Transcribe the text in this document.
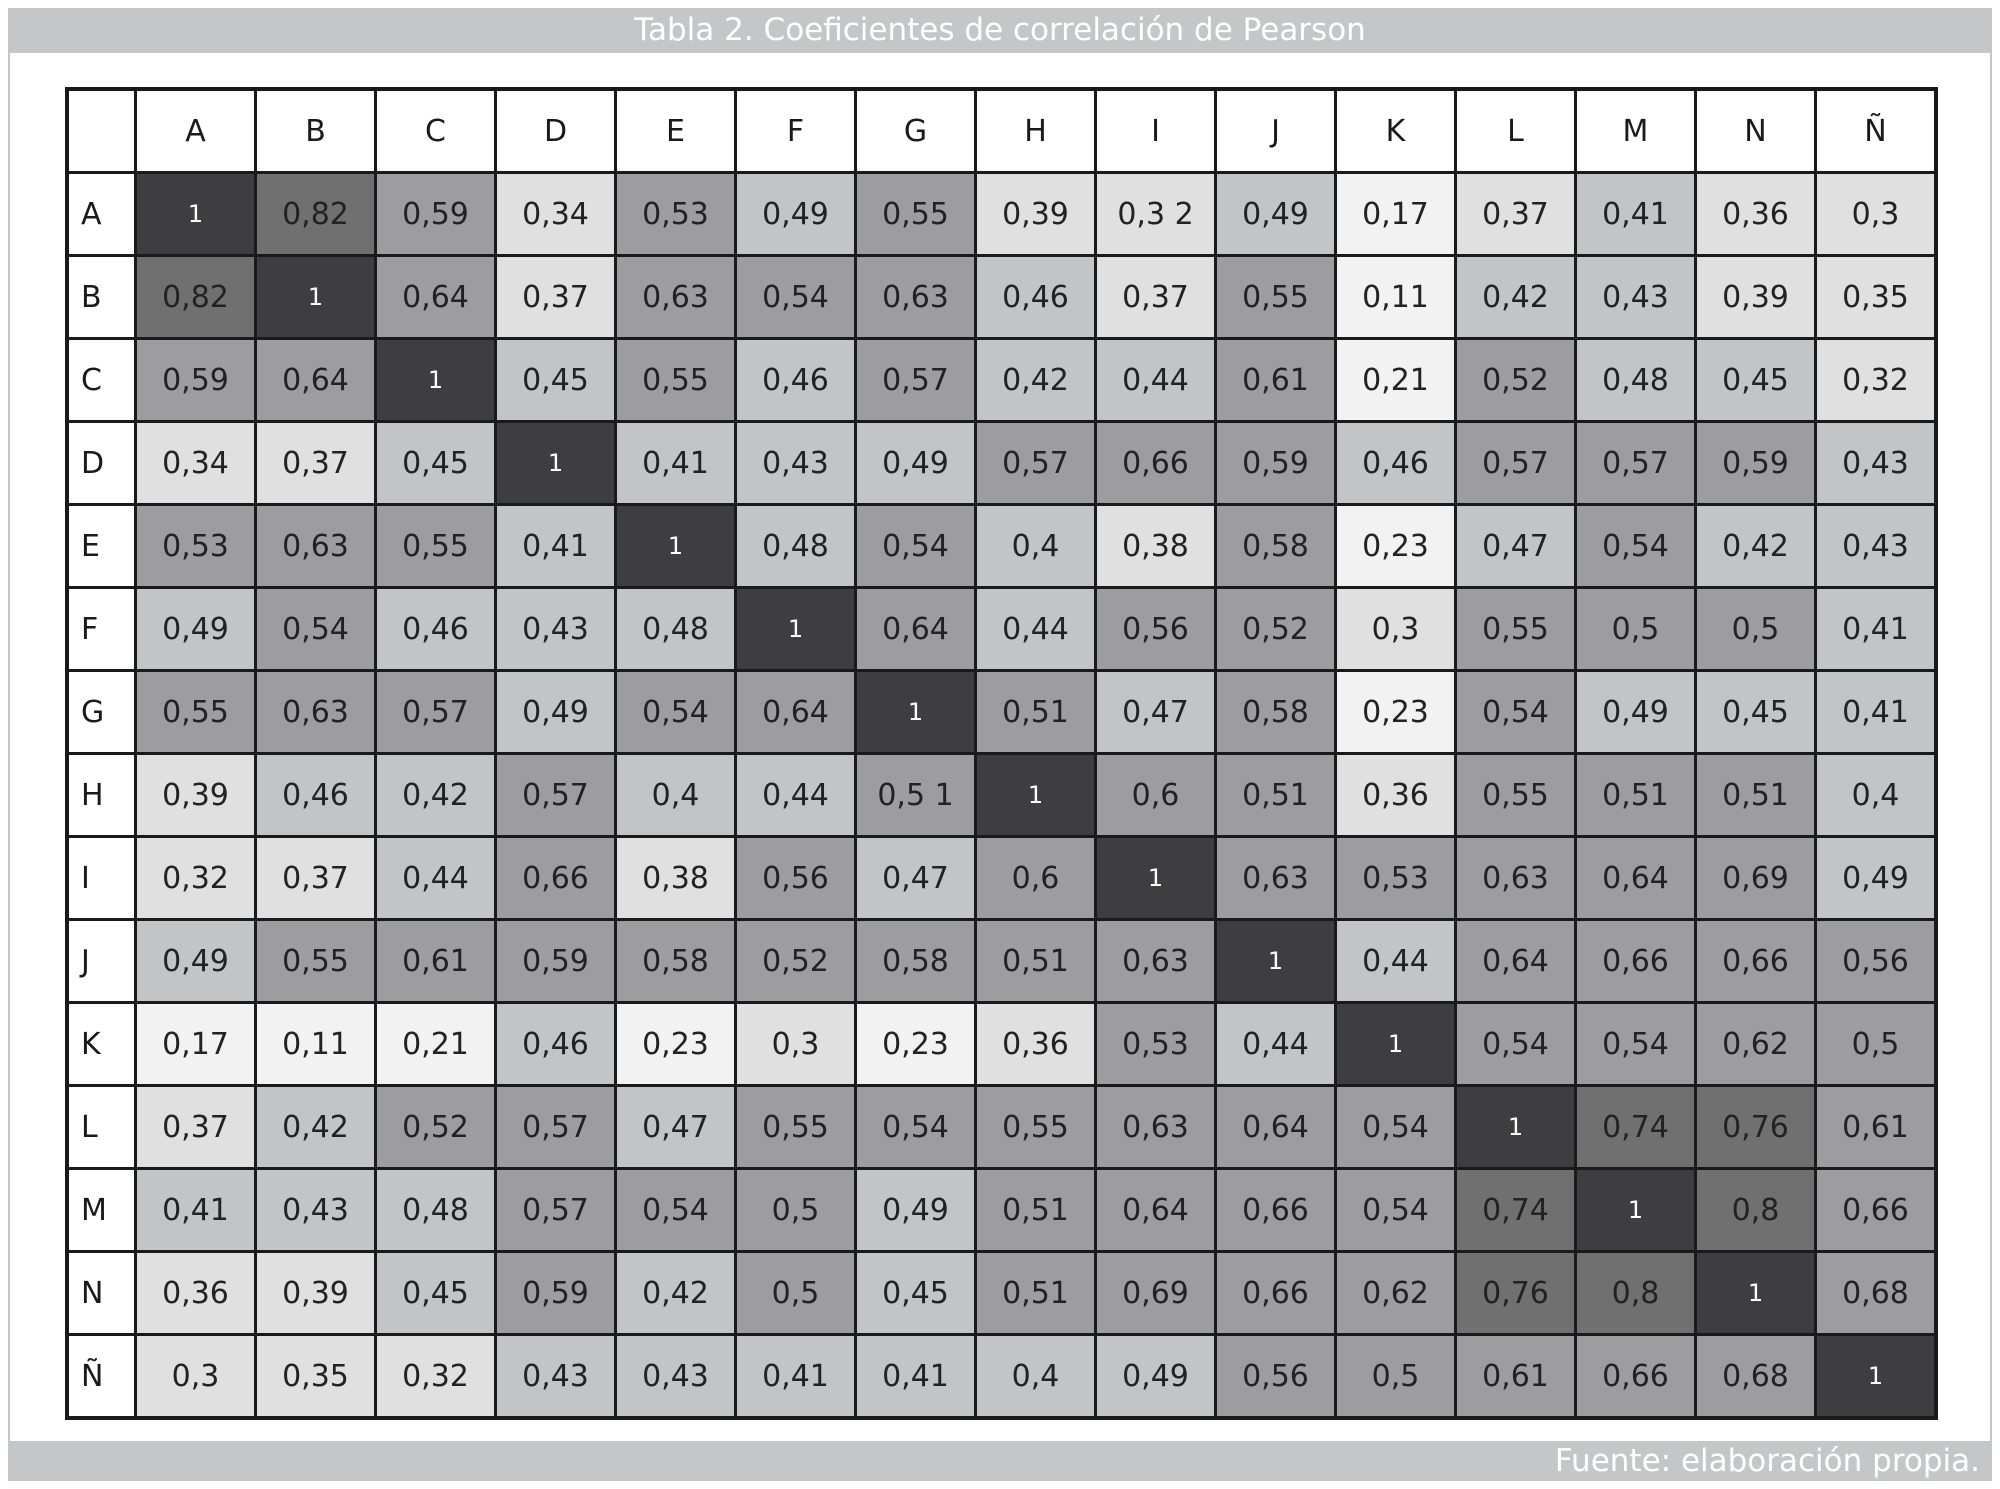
Tabla 2. Coeficientes de correlación de Pearson
	A	B	C	D	E	F	G	H	I	J	K	L	M	N	Ñ
A	1	0,82	0,59	0,34	0,53	0,49	0,55	0,39	0,3 2	0,49	0,17	0,37	0,41	0,36	0,3
B	0,82	1	0,64	0,37	0,63	0,54	0,63	0,46	0,37	0,55	0,11	0,42	0,43	0,39	0,35
C	0,59	0,64	1	0,45	0,55	0,46	0,57	0,42	0,44	0,61	0,21	0,52	0,48	0,45	0,32
D	0,34	0,37	0,45	1	0,41	0,43	0,49	0,57	0,66	0,59	0,46	0,57	0,57	0,59	0,43
E	0,53	0,63	0,55	0,41	1	0,48	0,54	0,4	0,38	0,58	0,23	0,47	0,54	0,42	0,43
F	0,49	0,54	0,46	0,43	0,48	1	0,64	0,44	0,56	0,52	0,3	0,55	0,5	0,5	0,41
G	0,55	0,63	0,57	0,49	0,54	0,64	1	0,51	0,47	0,58	0,23	0,54	0,49	0,45	0,41
H	0,39	0,46	0,42	0,57	0,4	0,44	0,5 1	1	0,6	0,51	0,36	0,55	0,51	0,51	0,4
I	0,32	0,37	0,44	0,66	0,38	0,56	0,47	0,6	1	0,63	0,53	0,63	0,64	0,69	0,49
J	0,49	0,55	0,61	0,59	0,58	0,52	0,58	0,51	0,63	1	0,44	0,64	0,66	0,66	0,56
K	0,17	0,11	0,21	0,46	0,23	0,3	0,23	0,36	0,53	0,44	1	0,54	0,54	0,62	0,5
L	0,37	0,42	0,52	0,57	0,47	0,55	0,54	0,55	0,63	0,64	0,54	1	0,74	0,76	0,61
M	0,41	0,43	0,48	0,57	0,54	0,5	0,49	0,51	0,64	0,66	0,54	0,74	1	0,8	0,66
N	0,36	0,39	0,45	0,59	0,42	0,5	0,45	0,51	0,69	0,66	0,62	0,76	0,8	1	0,68
Ñ	0,3	0,35	0,32	0,43	0,43	0,41	0,41	0,4	0,49	0,56	0,5	0,61	0,66	0,68	1
Fuente: elaboración propia.
